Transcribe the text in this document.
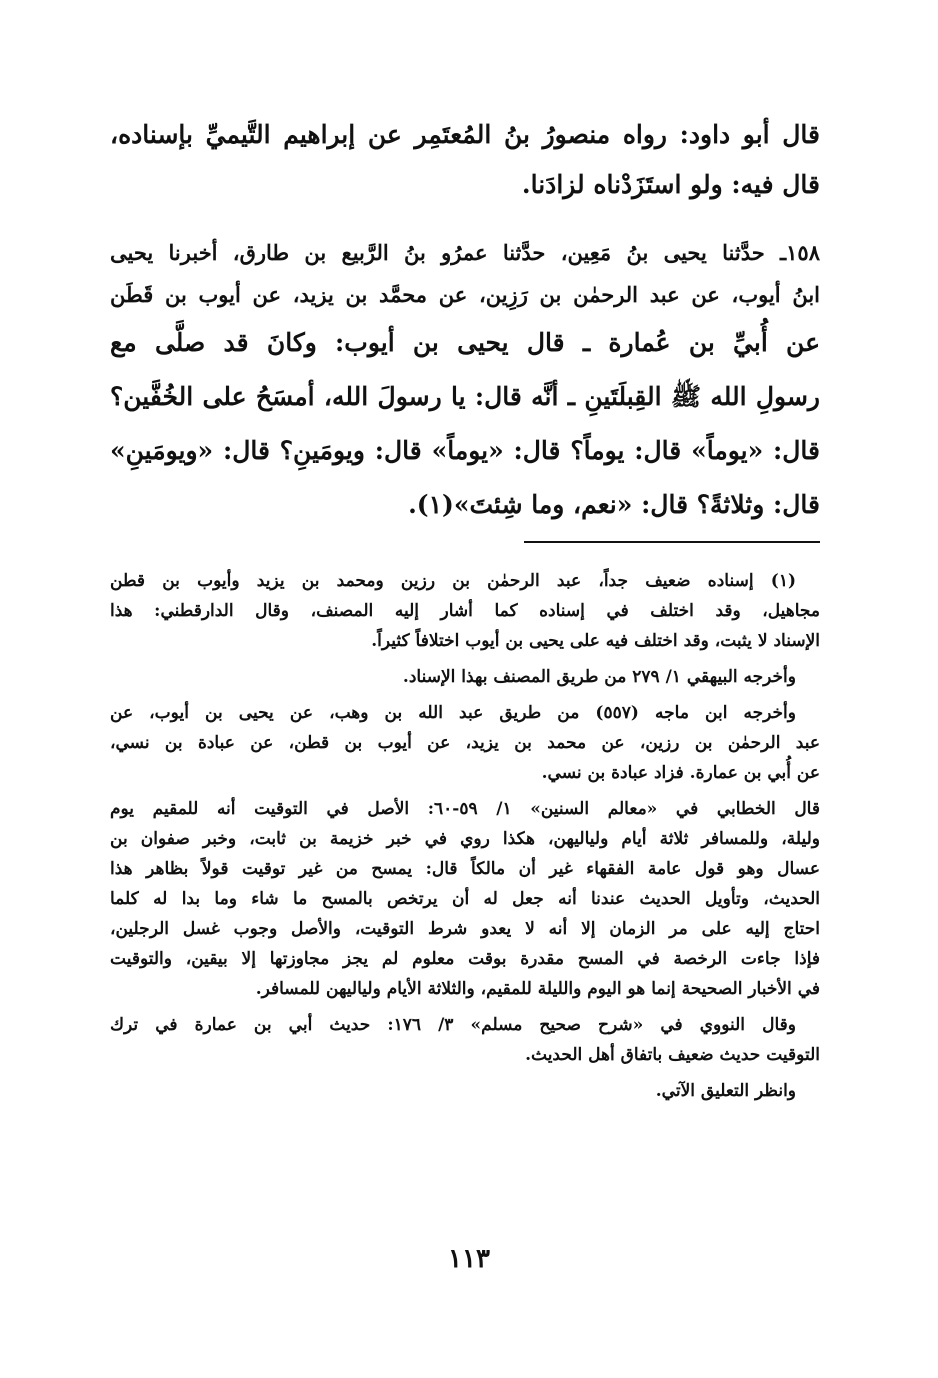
قال أبو داود: رواه منصورُ بنُ المُعتَمِر عن إبراهيم التَّيميِّ بإسناده،
قال فيه: ولو استَزَدْناه لزادَنا.
١٥٨ـ حدَّثنا يحيى بنُ مَعِين، حدَّثنا عمرُو بنُ الرَّبيع بن طارق، أخبرنا يحيى
ابنُ أيوب، عن عبد الرحمٰن بن رَزِين، عن محمَّد بن يزيد، عن أيوب بن قَطَن
عن أُبيِّ بن عُمارة ـ قال يحيى بن أيوب: وكانَ قد صلَّى مع
رسولِ الله ﷺ القِبلَتَينِ ـ أنَّه قال: يا رسولَ الله، أمسَحُ على الخُفَّين؟
قال: «يوماً» قال: يوماً؟ قال: «يوماً» قال: ويومَينِ؟ قال: «ويومَينِ»
قال: وثلاثةً؟ قال: «نعم، وما شِئتَ»(١).
(١) إسناده ضعيف جداً، عبد الرحمٰن بن رزين ومحمد بن يزيد وأيوب بن قطن
مجاهيل، وقد اختلف في إسناده كما أشار إليه المصنف، وقال الدارقطني: هذا
الإسناد لا يثبت، وقد اختلف فيه على يحيى بن أيوب اختلافاً كثيراً.
وأخرجه البيهقي ١/ ٢٧٩ من طريق المصنف بهذا الإسناد.
وأخرجه ابن ماجه (٥٥٧) من طريق عبد الله بن وهب، عن يحيى بن أيوب، عن
عبد الرحمٰن بن رزين، عن محمد بن يزيد، عن أيوب بن قطن، عن عبادة بن نسي،
عن أُبي بن عمارة. فزاد عبادة بن نسي.
قال الخطابي في «معالم السنين» ١/ ٥٩-٦٠: الأصل في التوقيت أنه للمقيم يوم
وليلة، وللمسافر ثلاثة أيام ولياليهن، هكذا روي في خبر خزيمة بن ثابت، وخبر صفوان بن
عسال وهو قول عامة الفقهاء غير أن مالكاً قال: يمسح من غير توقيت قولاً بظاهر هذا
الحديث، وتأويل الحديث عندنا أنه جعل له أن يرتخص بالمسح ما شاء وما بدا له كلما
احتاج إليه على مر الزمان إلا أنه لا يعدو شرط التوقيت، والأصل وجوب غسل الرجلين،
فإذا جاءت الرخصة في المسح مقدرة بوقت معلوم لم يجز مجاوزتها إلا بيقين، والتوقيت
في الأخبار الصحيحة إنما هو اليوم والليلة للمقيم، والثلاثة الأيام ولياليهن للمسافر.
وقال النووي في «شرح صحيح مسلم» ٣/ ١٧٦: حديث أبي بن عمارة في ترك
التوقيت حديث ضعيف باتفاق أهل الحديث.
وانظر التعليق الآتي.
١١٣
